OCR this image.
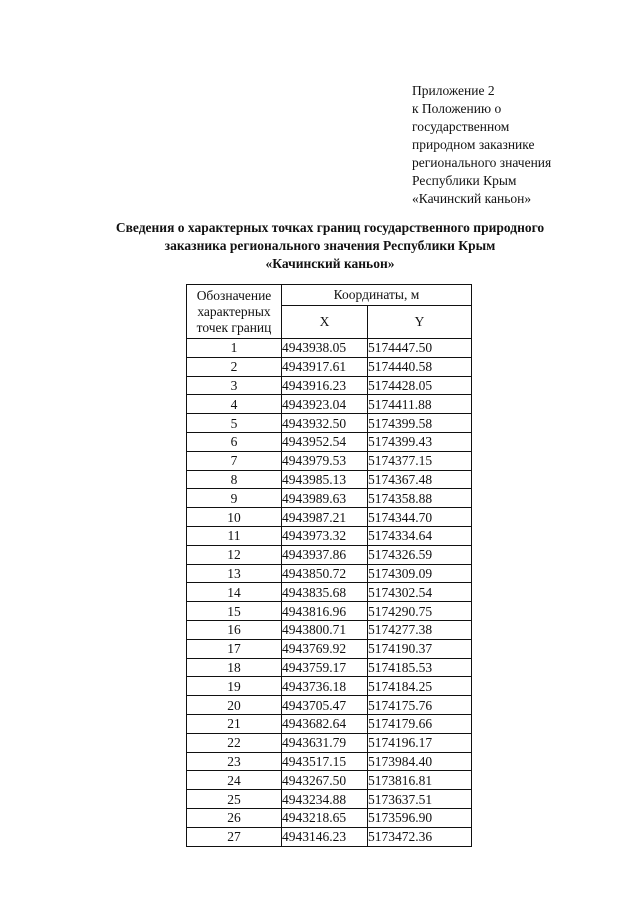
Приложение 2
к Положению о
государственном
природном заказнике
регионального значения
Республики Крым
«Качинский каньон»
Сведения о характерных точках границ государственного природного
заказника регионального значения Республики Крым
«Качинский каньон»
Обозначение
характерных
точек границ	Координаты, м	
	X	Y
1	4943938.05	5174447.50
2	4943917.61	5174440.58
3	4943916.23	5174428.05
4	4943923.04	5174411.88
5	4943932.50	5174399.58
6	4943952.54	5174399.43
7	4943979.53	5174377.15
8	4943985.13	5174367.48
9	4943989.63	5174358.88
10	4943987.21	5174344.70
11	4943973.32	5174334.64
12	4943937.86	5174326.59
13	4943850.72	5174309.09
14	4943835.68	5174302.54
15	4943816.96	5174290.75
16	4943800.71	5174277.38
17	4943769.92	5174190.37
18	4943759.17	5174185.53
19	4943736.18	5174184.25
20	4943705.47	5174175.76
21	4943682.64	5174179.66
22	4943631.79	5174196.17
23	4943517.15	5173984.40
24	4943267.50	5173816.81
25	4943234.88	5173637.51
26	4943218.65	5173596.90
27	4943146.23	5173472.36
